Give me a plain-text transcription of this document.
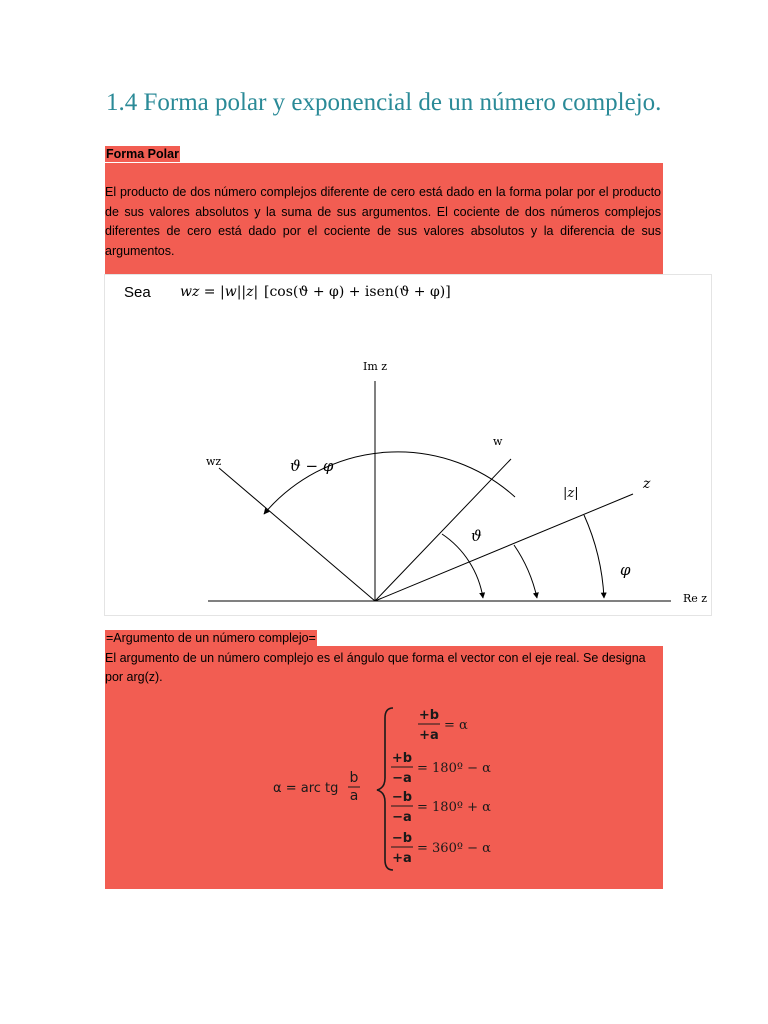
1.4 Forma polar y exponencial de un número complejo.
Forma Polar

El producto de dos número complejos diferente de cero está dado en la forma polar por el producto de sus valores absolutos y la suma de sus argumentos. El cociente de dos números complejos diferentes de cero está dado por el cociente de sus valores absolutos y la diferencia de sus argumentos.

Sea wz = |w||z| [cos(ϑ + φ) + isen(ϑ + φ)]
Im z
Re z
wz
w
z
|z|
ϑ − φ
ϑ
φ
=Argumento de un número complejo=

El argumento de un número complejo es el ángulo que forma el vector con el eje real. Se designa por arg(z).

α = arc tg
b
a
+b
+a
= α
+b
−a
= 180º − α
−b
−a
= 180º + α
−b
+a
= 360º − α
